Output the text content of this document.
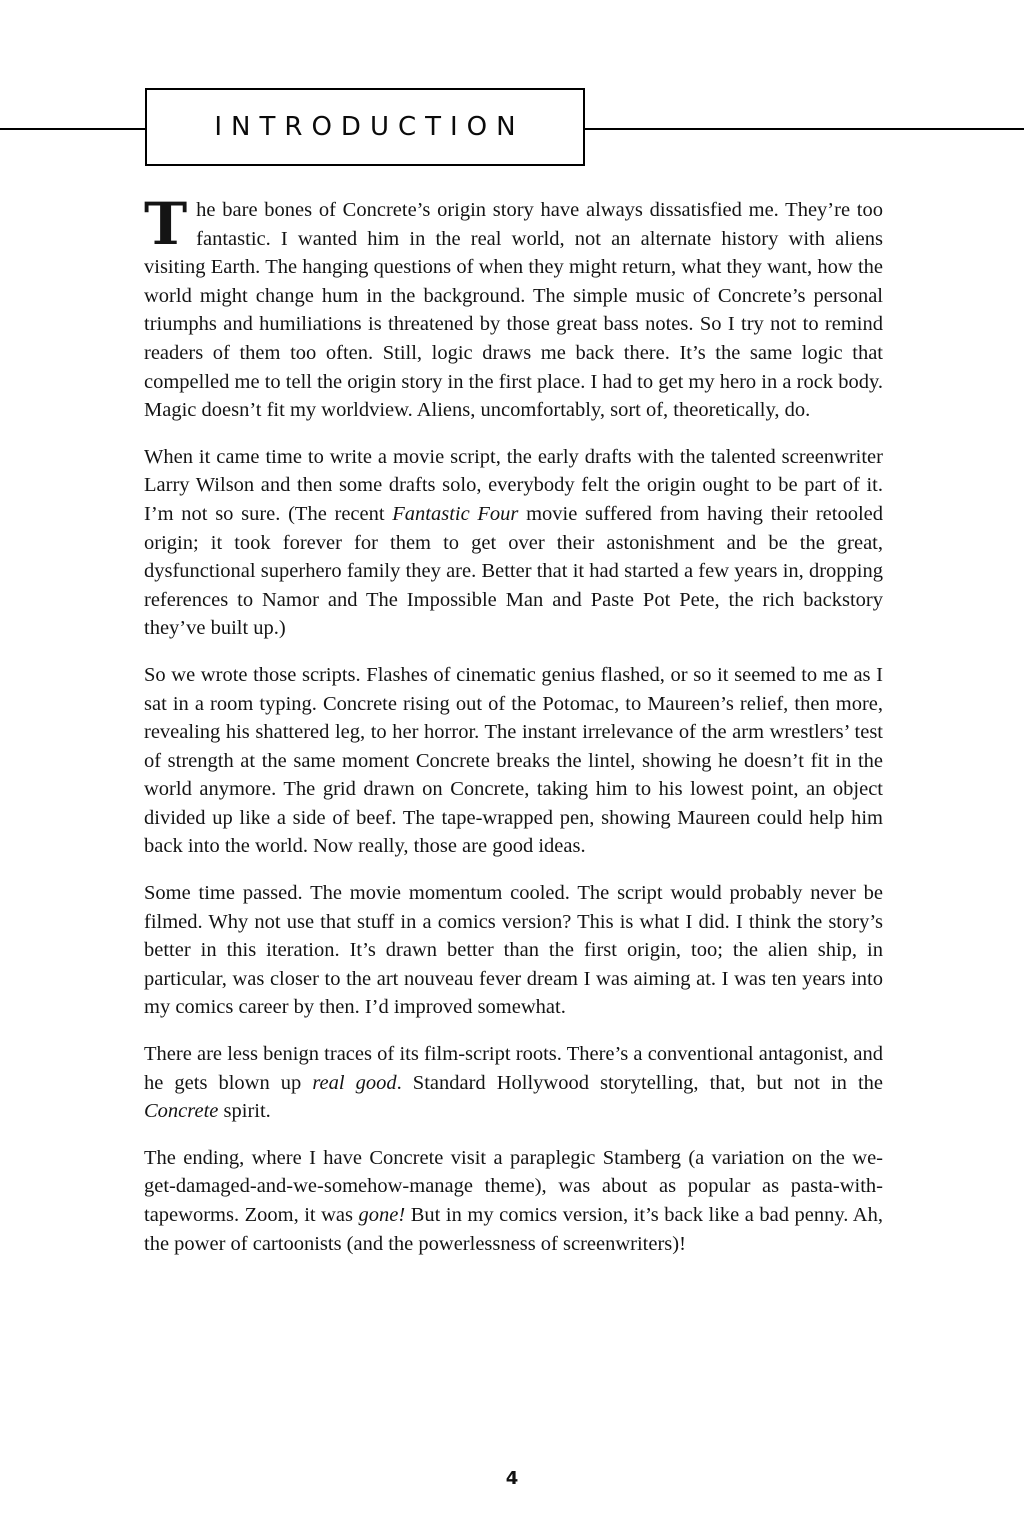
INTRODUCTION

The bare bones of Concrete’s origin story have always dissatisfied me. They’re too fantastic. I wanted him in the real world, not an alternate history with aliens visiting Earth. The hanging questions of when they might return, what they want, how the world might change hum in the background. The simple music of Concrete’s personal triumphs and humiliations is threatened by those great bass notes. So I try not to remind readers of them too often. Still, logic draws me back there. It’s the same logic that compelled me to tell the origin story in the first place. I had to get my hero in a rock body. Magic doesn’t fit my worldview. Aliens, uncomfortably, sort of, theoretically, do.

When it came time to write a movie script, the early drafts with the talented screenwriter Larry Wilson and then some drafts solo, everybody felt the origin ought to be part of it. I’m not so sure. (The recent Fantastic Four movie suffered from having their retooled origin; it took forever for them to get over their astonishment and be the great, dysfunctional superhero family they are. Better that it had started a few years in, dropping references to Namor and The Impossible Man and Paste Pot Pete, the rich backstory they’ve built up.)

So we wrote those scripts. Flashes of cinematic genius flashed, or so it seemed to me as I sat in a room typing. Concrete rising out of the Potomac, to Maureen’s relief, then more, revealing his shattered leg, to her horror. The instant irrelevance of the arm wrestlers’ test of strength at the same moment Concrete breaks the lintel, showing he doesn’t fit in the world anymore. The grid drawn on Concrete, taking him to his lowest point, an object divided up like a side of beef. The tape-wrapped pen, showing Maureen could help him back into the world. Now really, those are good ideas.

Some time passed. The movie momentum cooled. The script would probably never be filmed. Why not use that stuff in a comics version? This is what I did. I think the story’s better in this iteration. It’s drawn better than the first origin, too; the alien ship, in particular, was closer to the art nouveau fever dream I was aiming at. I was ten years into my comics career by then. I’d improved somewhat.

There are less benign traces of its film-script roots. There’s a conventional antagonist, and he gets blown up real good. Standard Hollywood storytelling, that, but not in the Concrete spirit.

The ending, where I have Concrete visit a paraplegic Stamberg (a variation on the we-get-damaged-and-we-somehow-manage theme), was about as popular as pasta-with-tapeworms. Zoom, it was gone! But in my comics version, it’s back like a bad penny. Ah, the power of cartoonists (and the powerlessness of screenwriters)!

4
